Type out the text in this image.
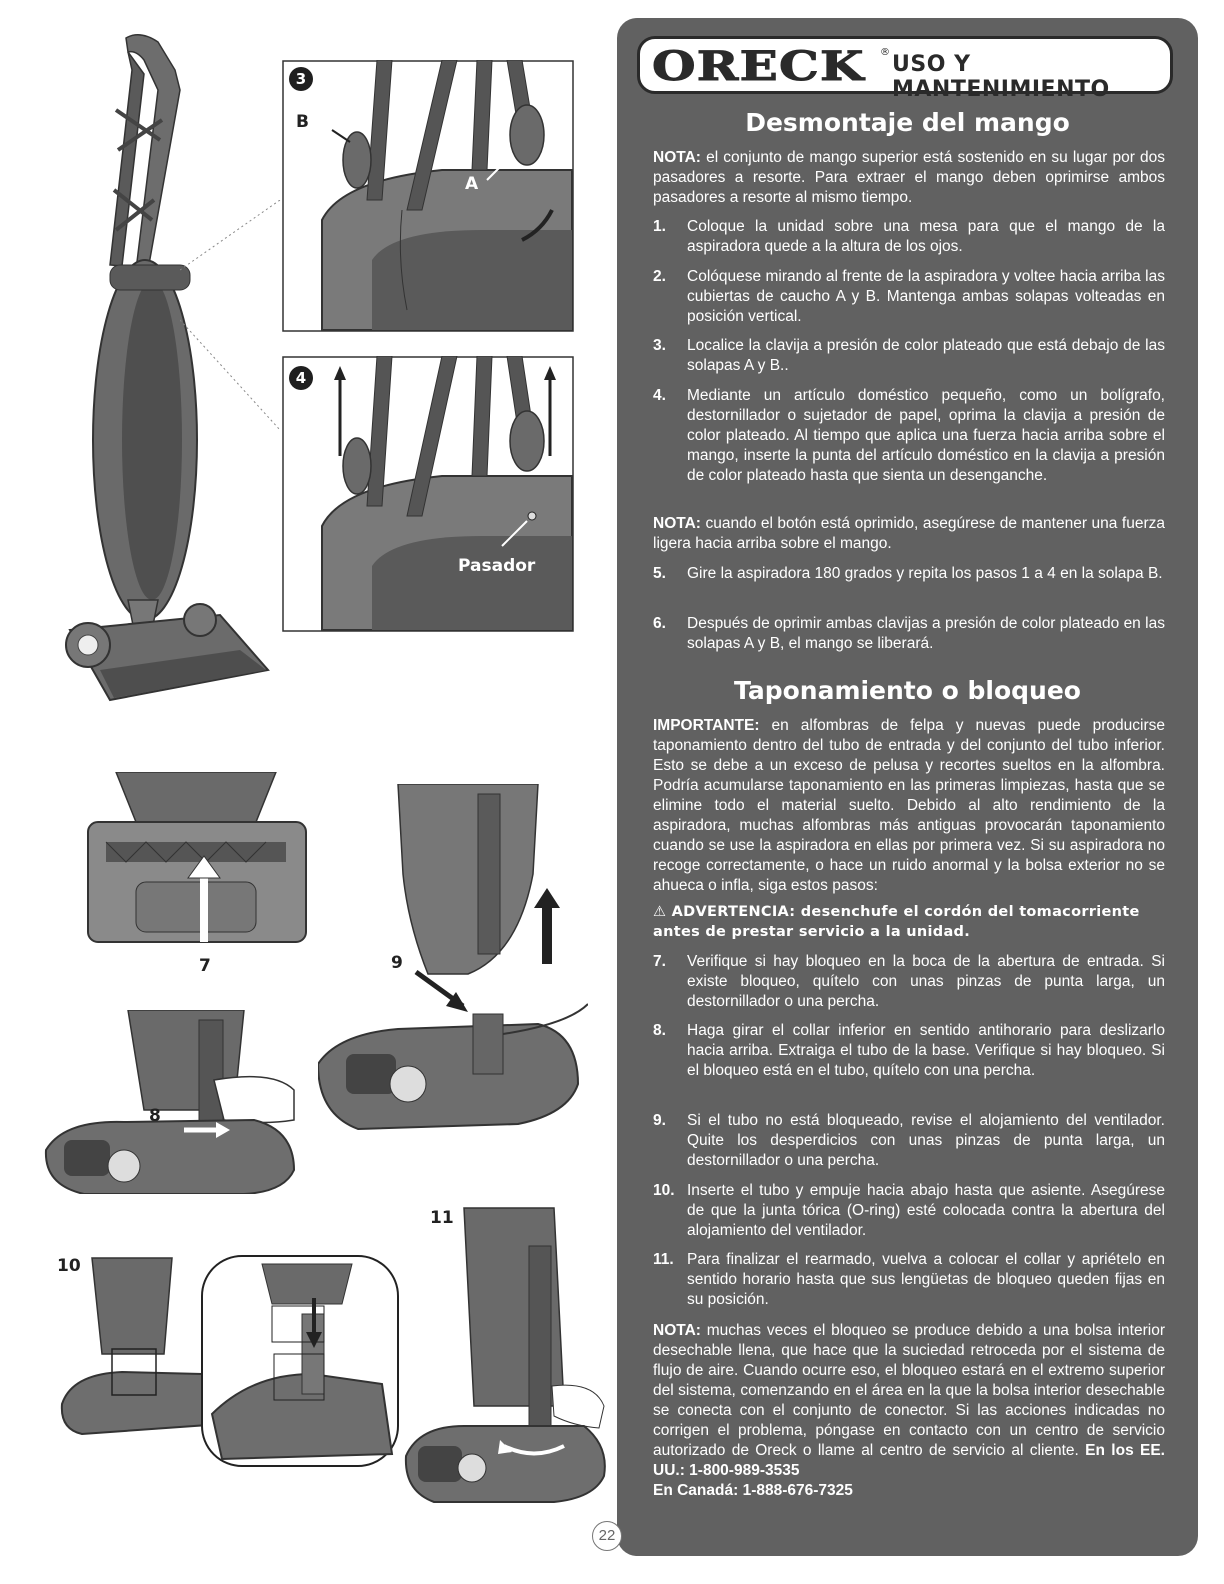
3
B
A
4
Pasador
7	9
8
10
11
ORECK ® USO Y MANTENIMIENTO
Desmontaje del mango

NOTA: el conjunto de mango superior está sostenido en su lugar por dos pasadores a resorte. Para extraer el mango deben oprimirse ambos pasadores a resorte al mismo tiempo.

1. Coloque la unidad sobre una mesa para que el mango de la aspiradora quede a la altura de los ojos.
2. Colóquese mirando al frente de la aspiradora y voltee hacia arriba las cubiertas de caucho A y B. Mantenga ambas solapas volteadas en posición vertical.
3. Localice la clavija a presión de color plateado que está debajo de las solapas A y B..
4. Mediante un artículo doméstico pequeño, como un bolígrafo, destornillador o sujetador de papel, oprima la clavija a presión de color plateado. Al tiempo que aplica una fuerza hacia arriba sobre el mango, inserte la punta del artículo doméstico en la clavija a presión de color plateado hasta que sienta un desenganche.

NOTA: cuando el botón está oprimido, asegúrese de mantener una fuerza ligera hacia arriba sobre el mango.

5. Gire la aspiradora 180 grados y repita los pasos 1 a 4 en la solapa B.
6. Después de oprimir ambas clavijas a presión de color plateado en las solapas A y B, el mango se liberará.
Taponamiento o bloqueo

IMPORTANTE: en alfombras de felpa y nuevas puede producirse taponamiento dentro del tubo de entrada y del conjunto del tubo inferior. Esto se debe a un exceso de pelusa y recortes sueltos en la alfombra. Podría acumularse taponamiento en las primeras limpiezas, hasta que se elimine todo el material suelto. Debido al alto rendimiento de la aspiradora, muchas alfombras más antiguas provocarán taponamiento cuando se use la aspiradora en ellas por primera vez. Si su aspiradora no recoge correctamente, o hace un ruido anormal y la bolsa exterior no se ahueca o infla, siga estos pasos:

⚠ ADVERTENCIA: desenchufe el cordón del tomacorriente antes de prestar servicio a la unidad.
7. Verifique si hay bloqueo en la boca de la abertura de entrada. Si existe bloqueo, quítelo con unas pinzas de punta larga, un destornillador o una percha.
8. Haga girar el collar inferior en sentido antihorario para deslizarlo hacia arriba. Extraiga el tubo de la base. Verifique si hay bloqueo. Si el bloqueo está en el tubo, quítelo con una percha.
9. Si el tubo no está bloqueado, revise el alojamiento del ventilador. Quite los desperdicios con unas pinzas de punta larga, un destornillador o una percha.
10. Inserte el tubo y empuje hacia abajo hasta que asiente. Asegúrese de que la junta tórica (O-ring) esté colocada contra la abertura del alojamiento del ventilador.
11. Para finalizar el rearmado, vuelva a colocar el collar y apriételo en sentido horario hasta que sus lengüetas de bloqueo queden fijas en su posición.

NOTA: muchas veces el bloqueo se produce debido a una bolsa interior desechable llena, que hace que la suciedad retroceda por el sistema de flujo de aire. Cuando ocurre eso, el bloqueo estará en el extremo superior del sistema, comenzando en el área en la que la bolsa interior desechable se conecta con el conjunto de conector. Si las acciones indicadas no corrigen el problema, póngase en contacto con un centro de servicio autorizado de Oreck o llame al centro de servicio al cliente. En los EE. UU.: 1-800-989-3535
En Canadá: 1-888-676-7325

22
